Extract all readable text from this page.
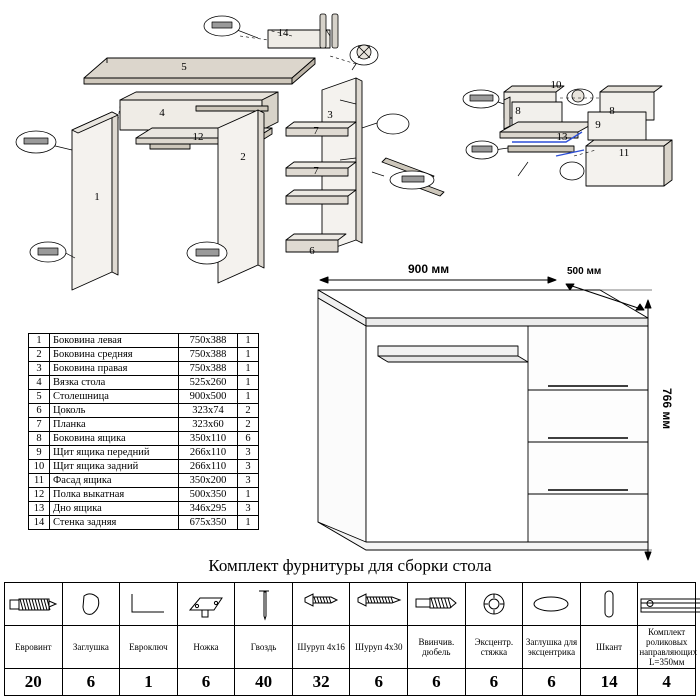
1
2
3
4
5
6
7
7
8	8
9
10
11
12	13
14
900 мм	500 мм
766 мм
1	Боковина левая	750х388	1
2	Боковина средняя	750х388	1
3	Боковина правая	750х388	1
4	Вязка стола	525х260	1
5	Столешница	900х500	1
6	Цоколь	323х74	2
7	Планка	323х60	2
8	Боковина ящика	350х110	6
9	Щит ящика передний	266х110	3
10	Щит ящика задний	266х110	3
11	Фасад ящика	350х200	3
12	Полка выкатная	500х350	1
13	Дно ящика	346х295	3
14	Стенка задняя	675х350	1
Комплект фурнитуры для сборки стола

Евровинт	Заглушка	Евроключ	Ножка	Гвоздь	Шуруп 4х16	Шуруп 4х30	Ввинчив. дюбель	Эксцентр. стяжка	Заглушка для эксцентрика	Шкант	Комплект роликовых направляющих L=350мм
20	6	1	6	40	32	6	6	6	6	14	4
